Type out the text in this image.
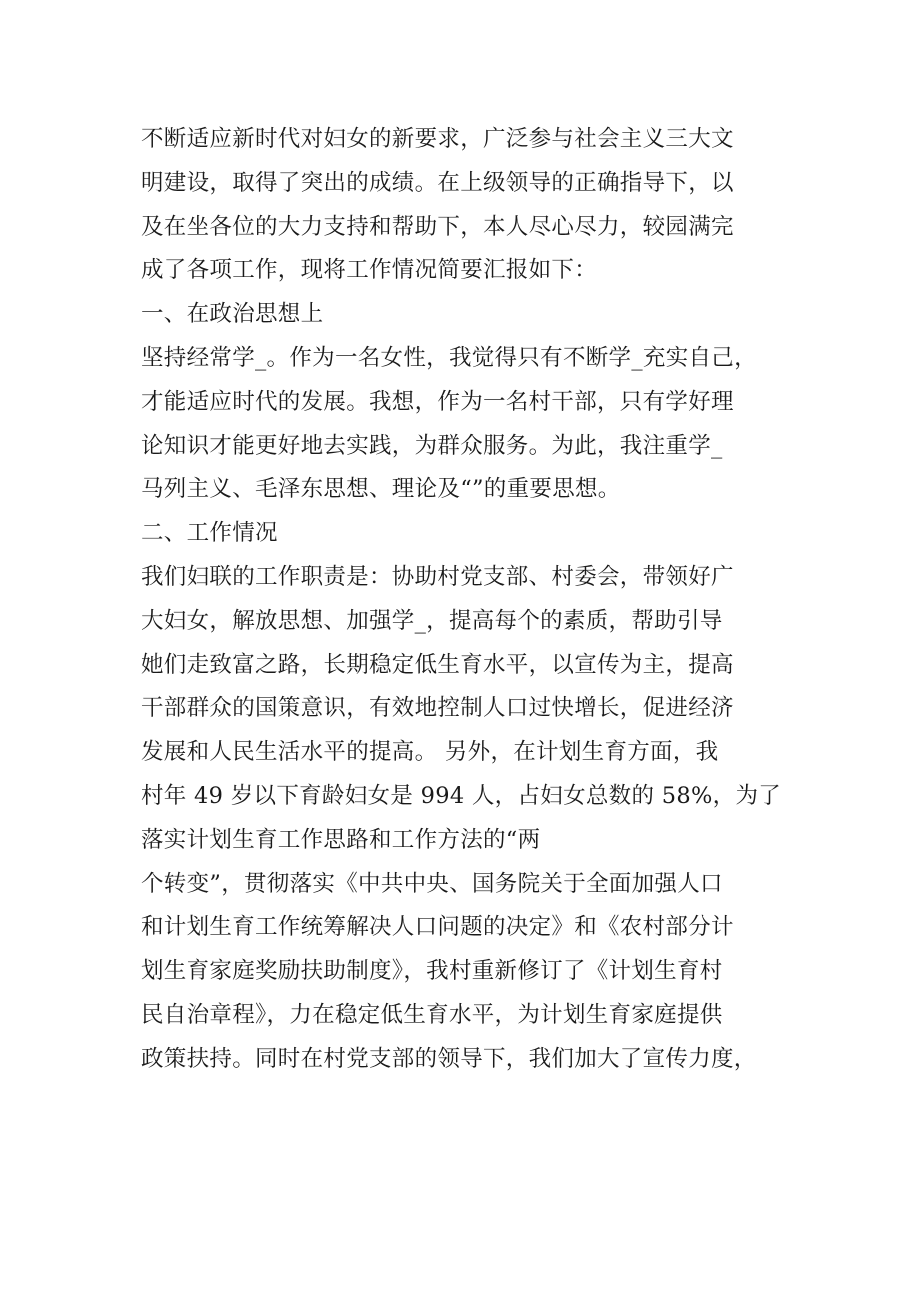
不断适应新时代对妇女的新要求，广泛参与社会主义三大文
明建设，取得了突出的成绩。在上级领导的正确指导下，以
及在坐各位的大力支持和帮助下，本人尽心尽力，较园满完
成了各项工作，现将工作情况简要汇报如下：
一、在政治思想上
坚持经常学_。作为一名女性，我觉得只有不断学_充实自己，
才能适应时代的发展。我想，作为一名村干部，只有学好理
论知识才能更好地去实践，为群众服务。为此，我注重学_
马列主义、毛泽东思想、理论及“”的重要思想。
二、工作情况
我们妇联的工作职责是：协助村党支部、村委会，带领好广
大妇女，解放思想、加强学_，提高每个的素质，帮助引导
她们走致富之路，长期稳定低生育水平，以宣传为主，提高
干部群众的国策意识，有效地控制人口过快增长，促进经济
发展和人民生活水平的提高。 另外，在计划生育方面，我
村年 49 岁以下育龄妇女是 994 人，占妇女总数的 58%，为了
落实计划生育工作思路和工作方法的“两
个转变”，贯彻落实《中共中央、国务院关于全面加强人口
和计划生育工作统筹解决人口问题的决定》和《农村部分计
划生育家庭奖励扶助制度》，我村重新修订了《计划生育村
民自治章程》，力在稳定低生育水平，为计划生育家庭提供
政策扶持。同时在村党支部的领导下，我们加大了宣传力度，
